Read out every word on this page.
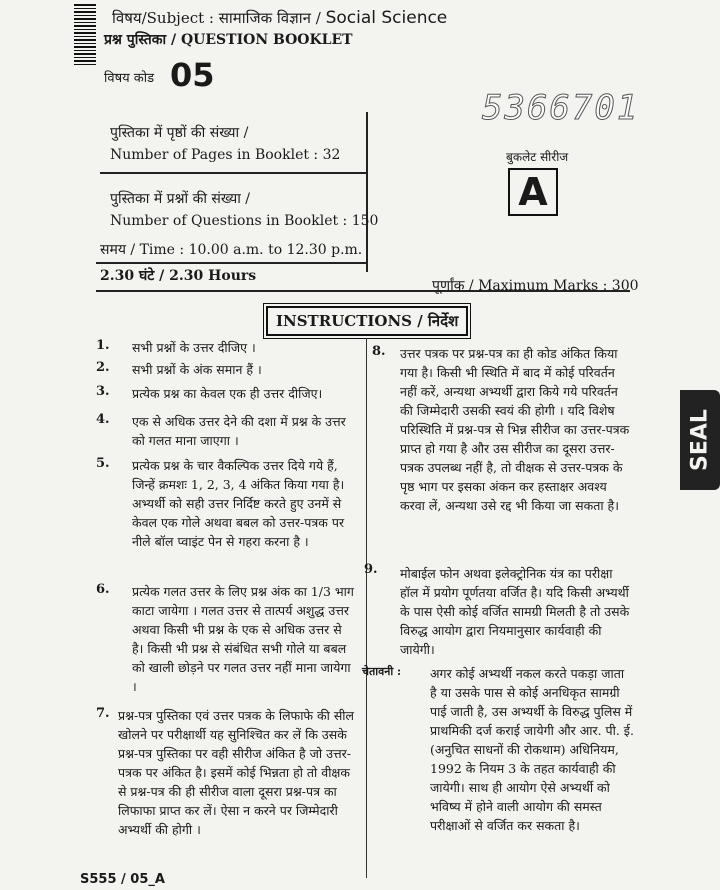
विषय/Subject : सामाजिक विज्ञान / Social Science
प्रश्न पुस्तिका / QUESTION BOOKLET
विषय कोड 05
5366701
बुकलेट सीरीज
A
पुस्तिका में पृष्ठों की संख्या /
Number of Pages in Booklet : 32
पुस्तिका में प्रश्नों की संख्या /
Number of Questions in Booklet : 150
समय / Time : 10.00 a.m. to 12.30 p.m.
2.30 घंटे / 2.30 Hours
पूर्णांक / Maximum Marks : 300
INSTRUCTIONS / निर्देश
1. सभी प्रश्नों के उत्तर दीजिए ।
2. सभी प्रश्नों के अंक समान हैं ।
3. प्रत्येक प्रश्न का केवल एक ही उत्तर दीजिए।
4. एक से अधिक उत्तर देने की दशा में प्रश्न के उत्तर को गलत माना जाएगा ।
5. प्रत्येक प्रश्न के चार वैकल्पिक उत्तर दिये गये हैं, जिन्हें क्रमशः 1, 2, 3, 4 अंकित किया गया है। अभ्यर्थी को सही उत्तर निर्दिष्ट करते हुए उनमें से केवल एक गोले अथवा बबल को उत्तर-पत्रक पर नीले बॉल प्वाइंट पेन से गहरा करना है ।
6. प्रत्येक गलत उत्तर के लिए प्रश्न अंक का 1/3 भाग काटा जायेगा । गलत उत्तर से तात्पर्य अशुद्ध उत्तर अथवा किसी भी प्रश्न के एक से अधिक उत्तर से है। किसी भी प्रश्न से संबंधित सभी गोले या बबल को खाली छोड़ने पर गलत उत्तर नहीं माना जायेगा ।
7. प्रश्न-पत्र पुस्तिका एवं उत्तर पत्रक के लिफाफे की सील खोलने पर परीक्षार्थी यह सुनिश्चित कर लें कि उसके प्रश्न-पत्र पुस्तिका पर वही सीरीज अंकित है जो उत्तर-पत्रक पर अंकित है। इसमें कोई भिन्नता हो तो वीक्षक से प्रश्न-पत्र की ही सीरीज वाला दूसरा प्रश्न-पत्र का लिफाफा प्राप्त कर लें। ऐसा न करने पर जिम्मेदारी अभ्यर्थी की होगी ।
8. उत्तर पत्रक पर प्रश्न-पत्र का ही कोड अंकित किया गया है। किसी भी स्थिति में बाद में कोई परिवर्तन नहीं करें, अन्यथा अभ्यर्थी द्वारा किये गये परिवर्तन की जिम्मेदारी उसकी स्वयं की होगी । यदि विशेष परिस्थिति में प्रश्न-पत्र से भिन्न सीरीज का उत्तर-पत्रक प्राप्त हो गया है और उस सीरीज का दूसरा उत्तर-पत्रक उपलब्ध नहीं है, तो वीक्षक से उत्तर-पत्रक के पृष्ठ भाग पर इसका अंकन कर हस्ताक्षर अवश्य करवा लें, अन्यथा उसे रद्द भी किया जा सकता है।
9. मोबाईल फोन अथवा इलेक्ट्रोनिक यंत्र का परीक्षा हॉल में प्रयोग पूर्णतया वर्जित है। यदि किसी अभ्यर्थी के पास ऐसी कोई वर्जित सामग्री मिलती है तो उसके विरुद्ध आयोग द्वारा नियमानुसार कार्यवाही की जायेगी।
चेतावनी : अगर कोई अभ्यर्थी नकल करते पकड़ा जाता है या उसके पास से कोई अनधिकृत सामग्री पाई जाती है, उस अभ्यर्थी के विरुद्ध पुलिस में प्राथमिकी दर्ज कराई जायेगी और आर. पी. ई. (अनुचित साधनों की रोकथाम) अधिनियम, 1992 के नियम 3 के तहत कार्यवाही की जायेगी। साथ ही आयोग ऐसे अभ्यर्थी को भविष्य में होने वाली आयोग की समस्त परीक्षाओं से वर्जित कर सकता है।
S555 / 05_A
SEAL
